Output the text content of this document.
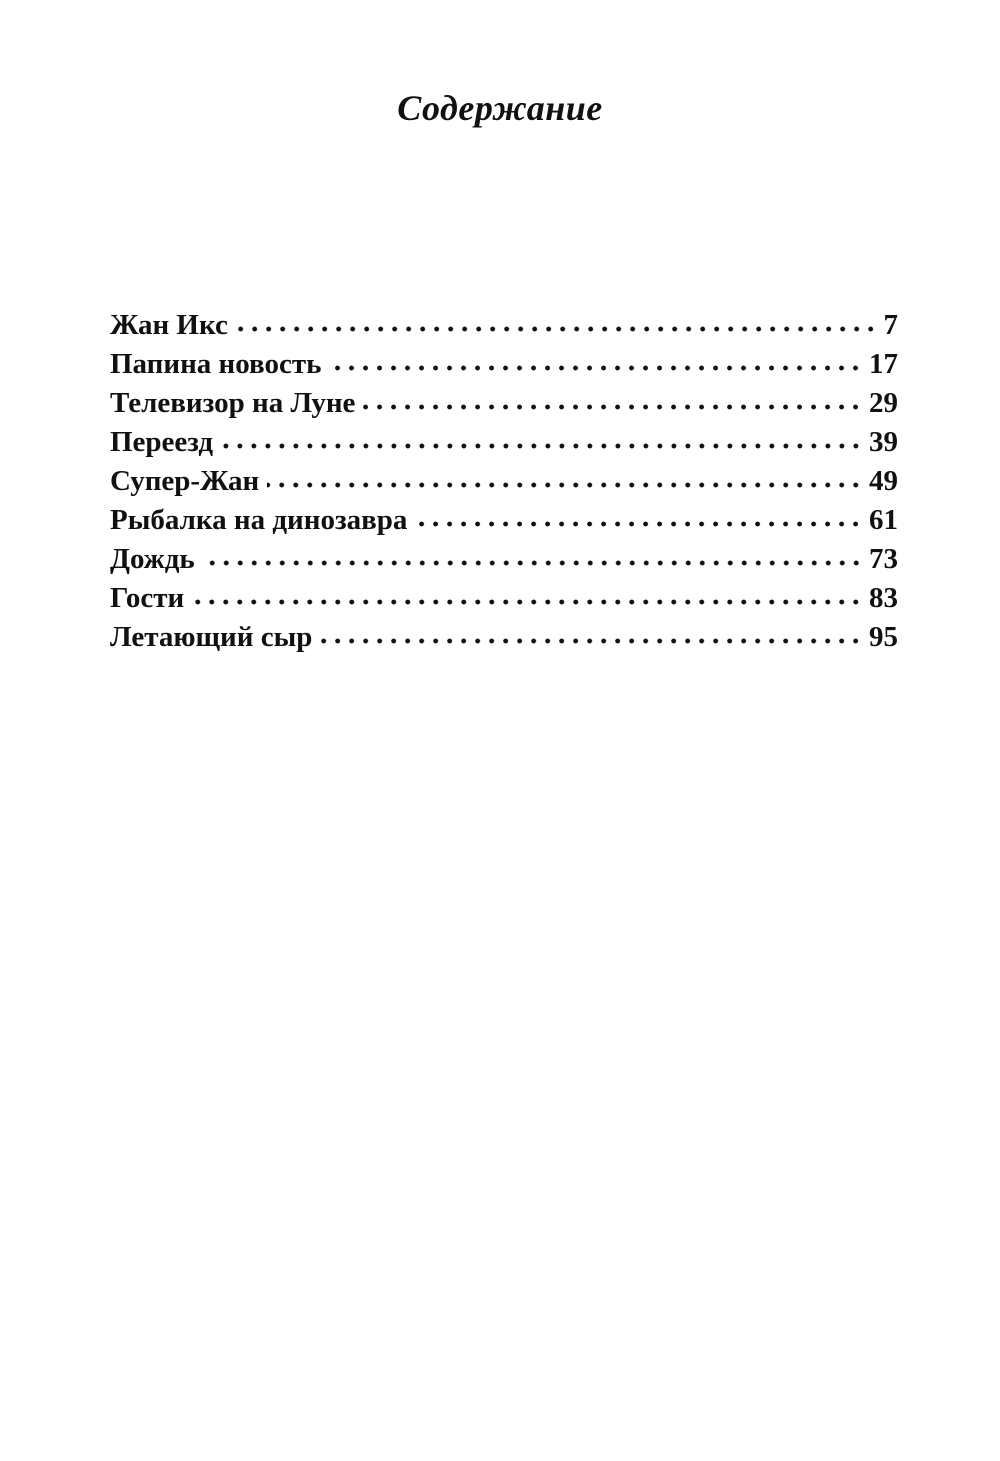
Содержание
Жан Икс	7
Папина новость	17
Телевизор на Луне	29
Переезд	39
Супер-Жан	49
Рыбалка на динозавра	61
Дождь	73
Гости	83
Летающий сыр	95
